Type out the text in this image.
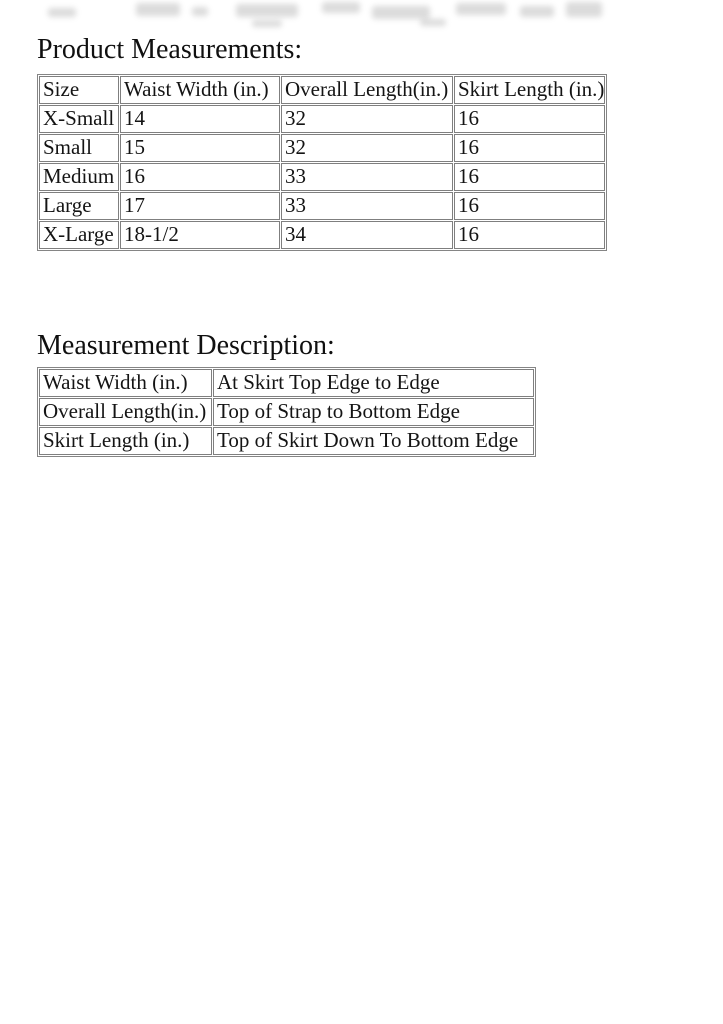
Product Measurements:
Size	Waist Width (in.)	Overall Length(in.)	Skirt Length (in.)
X-Small	14	32	16
Small	15	32	16
Medium	16	33	16
Large	17	33	16
X-Large	18-1/2	34	16
Measurement Description:
Waist Width (in.)	At Skirt Top Edge to Edge
Overall Length(in.)	Top of Strap to Bottom Edge
Skirt Length (in.)	Top of Skirt Down To Bottom Edge
